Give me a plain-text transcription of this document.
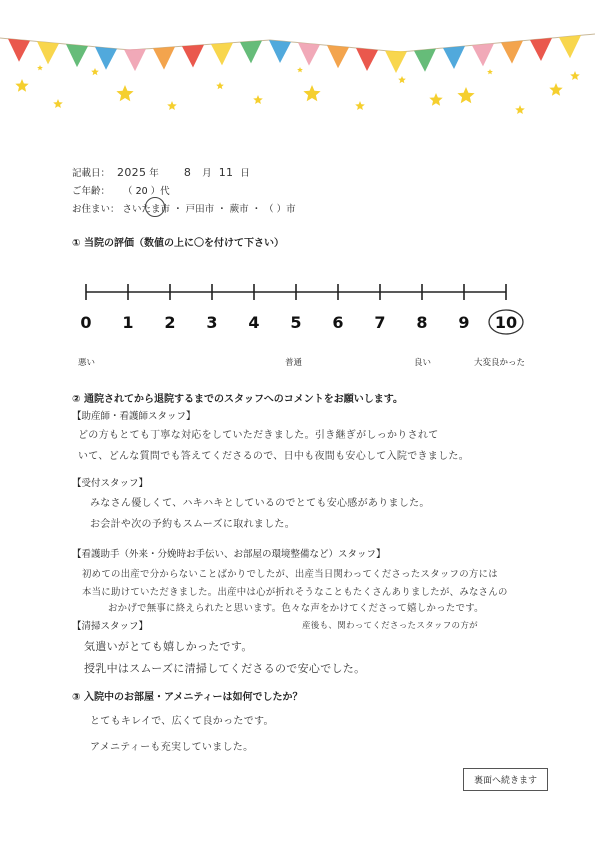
記載日： 2025 年 8 月 11 日
ご年齢： （ 20 ）代
お住まい： さいたま市 ・ 戸田市 ・ 蕨市 ・ （ ）市
① 当院の評価（数値の上に〇を付けて下さい）
0 1 2 3 4 5 6 7 8 9 10
悪い	普通	良い	大変良かった
② 通院されてから退院するまでのスタッフへのコメントをお願いします。
【助産師・看護師スタッフ】
どの方もとても丁寧な対応をしていただきました。引き継ぎがしっかりされて
いて、どんな質問でも答えてくださるので、日中も夜間も安心して入院できました。
【受付スタッフ】
みなさん優しくて、ハキハキとしているのでとても安心感がありました。
お会計や次の予約もスムーズに取れました。
【看護助手（外来・分娩時お手伝い、お部屋の環境整備など）スタッフ】
初めての出産で分からないことばかりでしたが、出産当日関わってくださったスタッフの方には
本当に助けていただきました。出産中は心が折れそうなこともたくさんありましたが、みなさんの
おかげで無事に終えられたと思います。色々な声をかけてくださって嬉しかったです。
産後も、関わってくださったスタッフの方が
【清掃スタッフ】
気遣いがとても嬉しかったです。
授乳中はスムーズに清掃してくださるので安心でした。
③ 入院中のお部屋・アメニティーは如何でしたか？
とてもキレイで、広くて良かったです。
アメニティーも充実していました。
裏面へ続きます
